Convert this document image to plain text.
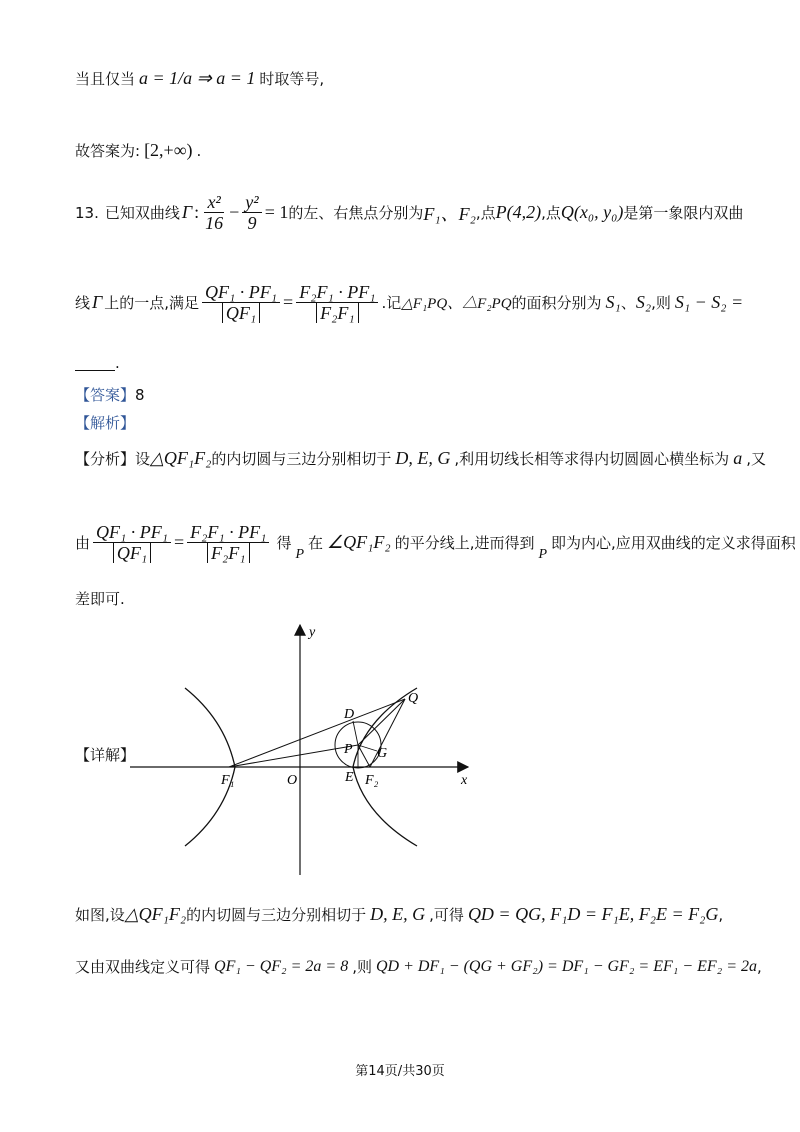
当且仅当 a = 1/a ⇒ a = 1 时取等号,
故答案为: [2,+∞) .
13. 已知双曲线 Γ : $\frac{\text{x²}}{16} - \frac{\text{y²}}{9} = 1$ 的左、右焦点分别为 F₁、F₂ ,点 P(4,2) ,点 Q(x₀, y₀) 是第一象限内双曲
线 Γ 上的一点,满足 $\frac{\text{QF₁ · PF₁}}{\text{QF₁}} = \frac{\text{F₂F₁ · PF₁}}{\text{F₂F₁}}$ .记 △F₁PQ、△F₂PQ 的面积分别为 S₁ 、 S₂ ,则 S₁ − S₂ =
.
【答案】 8
【解析】
【分析】 设 △QF₁F₂ 的内切圆与三边分别相切于 D, E, G ,利用切线长相等求得内切圆圆心横坐标为 a ,又
由 $\frac{\text{QF₁ · PF₁}}{\text{QF₁}} = \frac{\text{F₂F₁ · PF₁}}{\text{F₂F₁}}$ 得
P
在 ∠QF₁F₂ 的平分线上,进而得到
P
即为内心,应用双曲线的定义求得面积
差即可.
【详解】
y
x
O
F₁	F₂
E
D
P G
Q
如图,设 △QF₁F₂ 的内切圆与三边分别相切于 D, E, G ,可得 QD = QG, F₁D = F₁E, F₂E = F₂G ,
又由双曲线定义可得 QF₁ − QF₂ = 2a = 8 ,则 QD + DF₁ − (QG + GF₂) = DF₁ − GF₂ = EF₁ − EF₂ = 2a ,
第14页/共30页
